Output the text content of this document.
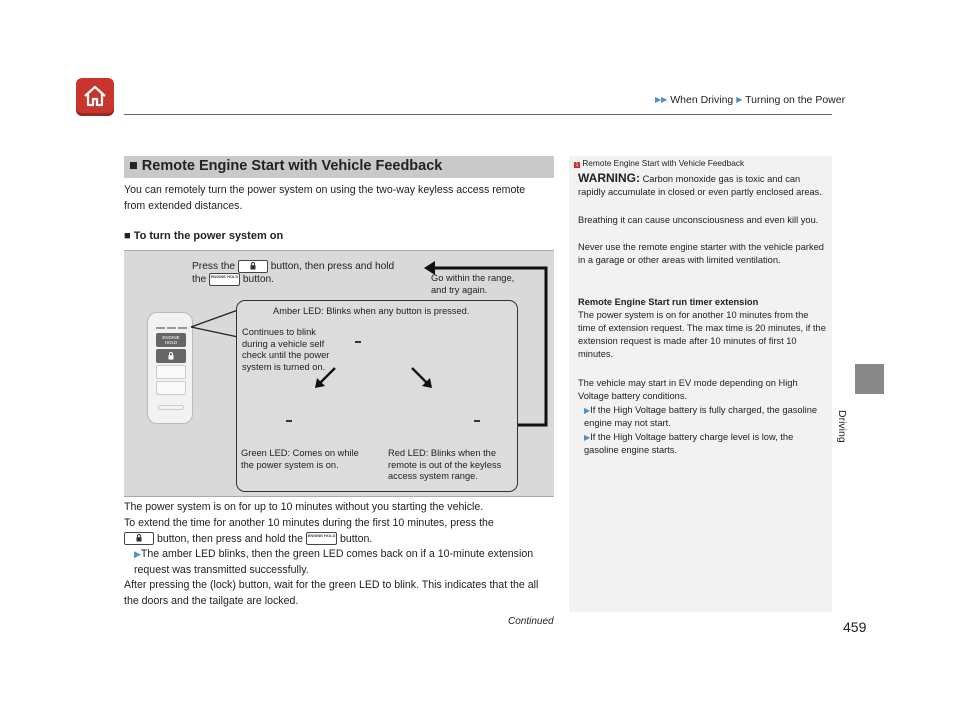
▶▶ When Driving ▶ Turning on the Power
Driving
■ Remote Engine Start with Vehicle Feedback
You can remotely turn the power system on using the two-way keyless access remote from extended distances.
■ To turn the power system on
Press the	button, then press and hold
the ENGINE HOLD button.	Go within the range, and try again.
ENGINE
HOLD
Amber LED: Blinks when any button is pressed.
Continues to blink during a vehicle self check until the power system is turned on.
Green LED: Comes on while the power system is on.
Red LED: Blinks when the remote is out of the keyless access system range.
The power system is on for up to 10 minutes without you starting the vehicle.
To extend the time for another 10 minutes during the first 10 minutes, press the

button, then press and hold the ENGINE HOLD button.
▶The amber LED blinks, then the green LED comes back on if a 10-minute extension request was transmitted successfully.
After pressing the (lock) button, wait for the green LED to blink. This indicates that the all the doors and the tailgate are locked.
1 Remote Engine Start with Vehicle Feedback
WARNING: Carbon monoxide gas is toxic and can rapidly accumulate in closed or even partly enclosed areas.
Breathing it can cause unconsciousness and even kill you.
Never use the remote engine starter with the vehicle parked in a garage or other areas with limited ventilation.
Remote Engine Start run timer extension
The power system is on for another 10 minutes from the time of extension request. The max time is 20 minutes, if the extension request is made after 10 minutes of first 10 minutes.
The vehicle may start in EV mode depending on High Voltage battery conditions.
▶If the High Voltage battery is fully charged, the gasoline engine may not start.
▶If the High Voltage battery charge level is low, the gasoline engine starts.
Continued	459
